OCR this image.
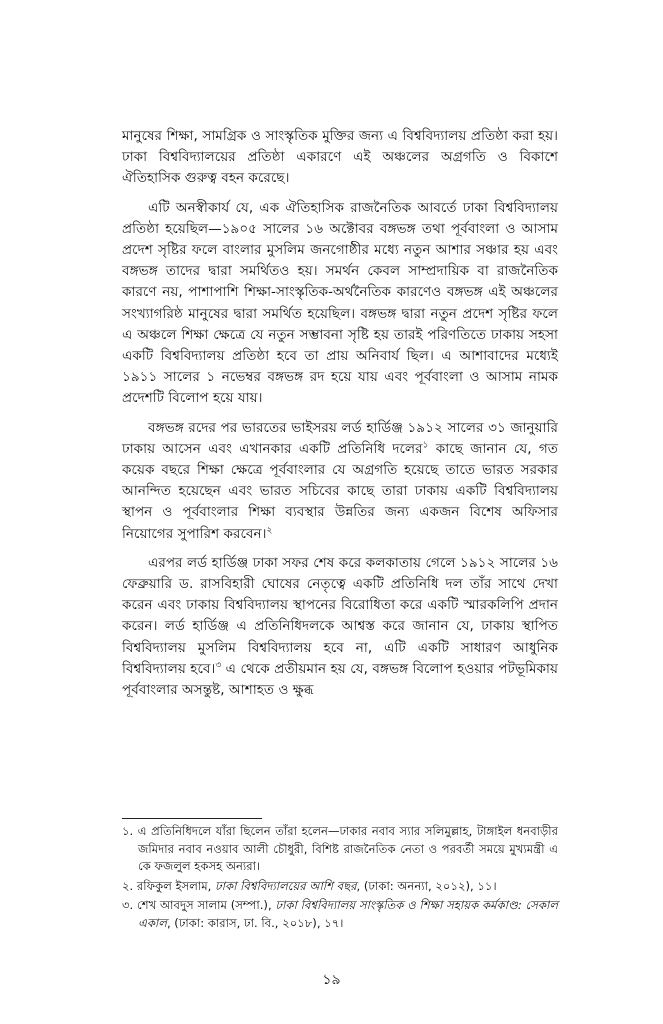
মানুষের শিক্ষা, সামগ্রিক ও সাংস্কৃতিক মুক্তির জন্য এ বিশ্ববিদ্যালয় প্রতিষ্ঠা করা হয়। ঢাকা বিশ্ববিদ্যালয়ের প্রতিষ্ঠা একারণে এই অঞ্চলের অগ্রগতি ও বিকাশে ঐতিহাসিক গুরুত্ব বহন করেছে।

এটি অনস্বীকার্য যে, এক ঐতিহাসিক রাজনৈতিক আবর্তে ঢাকা বিশ্ববিদ্যালয় প্রতিষ্ঠা হয়েছিল—১৯০৫ সালের ১৬ অক্টোবর বঙ্গভঙ্গ তথা পূর্ববাংলা ও আসাম প্রদেশ সৃষ্টির ফলে বাংলার মুসলিম জনগোষ্ঠীর মধ্যে নতুন আশার সঞ্চার হয় এবং বঙ্গভঙ্গ তাদের দ্বারা সমর্থিতও হয়। সমর্থন কেবল সাম্প্রদায়িক বা রাজনৈতিক কারণে নয়, পাশাপাশি শিক্ষা-সাংস্কৃতিক-অর্থনৈতিক কারণেও বঙ্গভঙ্গ এই অঞ্চলের সংখ্যাগরিষ্ঠ মানুষের দ্বারা সমর্থিত হয়েছিল। বঙ্গভঙ্গ দ্বারা নতুন প্রদেশ সৃষ্টির ফলে এ অঞ্চলে শিক্ষা ক্ষেত্রে যে নতুন সম্ভাবনা সৃষ্টি হয় তারই পরিণতিতে ঢাকায় সহসা একটি বিশ্ববিদ্যালয় প্রতিষ্ঠা হবে তা প্রায় অনিবার্য ছিল। এ আশাবাদের মধ্যেই ১৯১১ সালের ১ নভেম্বর বঙ্গভঙ্গ রদ হয়ে যায় এবং পূর্ববাংলা ও আসাম নামক প্রদেশটি বিলোপ হয়ে যায়।

বঙ্গভঙ্গ রদের পর ভারতের ভাইসরয় লর্ড হার্ডিঞ্জ ১৯১২ সালের ৩১ জানুয়ারি ঢাকায় আসেন এবং এখানকার একটি প্রতিনিধি দলের$^১$ কাছে জানান যে, গত কয়েক বছরে শিক্ষা ক্ষেত্রে পূর্ববাংলার যে অগ্রগতি হয়েছে তাতে ভারত সরকার আনন্দিত হয়েছেন এবং ভারত সচিবের কাছে তারা ঢাকায় একটি বিশ্ববিদ্যালয় স্থাপন ও পূর্ববাংলার শিক্ষা ব্যবস্থার উন্নতির জন্য একজন বিশেষ অফিসার নিয়োগের সুপারিশ করবেন।$^২$

এরপর লর্ড হার্ডিঞ্জ ঢাকা সফর শেষ করে কলকাতায় গেলে ১৯১২ সালের ১৬ ফেব্রুয়ারি ড. রাসবিহারী ঘোষের নেতৃত্বে একটি প্রতিনিধি দল তাঁর সাথে দেখা করেন এবং ঢাকায় বিশ্ববিদ্যালয় স্থাপনের বিরোধিতা করে একটি স্মারকলিপি প্রদান করেন। লর্ড হার্ডিঞ্জ এ প্রতিনিধিদলকে আশ্বস্ত করে জানান যে, ঢাকায় স্থাপিত বিশ্ববিদ্যালয় মুসলিম বিশ্ববিদ্যালয় হবে না, এটি একটি সাধারণ আধুনিক বিশ্ববিদ্যালয় হবে।$^৩$ এ থেকে প্রতীয়মান হয় যে, বঙ্গভঙ্গ বিলোপ হওয়ার পটভূমিকায় পূর্ববাংলার অসন্তুষ্ট, আশাহত ও ক্ষুব্ধ

১. এ প্রতিনিধিদলে যাঁরা ছিলেন তাঁরা হলেন—ঢাকার নবাব স্যার সলিমুল্লাহ, টাঙ্গাইল ধনবাড়ীর জমিদার নবাব নওয়াব আলী চৌধুরী, বিশিষ্ট রাজনৈতিক নেতা ও পরবর্তী সময়ে মুখ্যমন্ত্রী এ কে ফজলুল হকসহ অন্যরা।

২. রফিকুল ইসলাম, ঢাকা বিশ্ববিদ্যালয়ের আশি বছর, (ঢাকা: অনন্যা, ২০১২), ১১।

৩. শেখ আবদুস সালাম (সম্পা.), ঢাকা বিশ্ববিদ্যালয় সাংস্কৃতিক ও শিক্ষা সহায়ক কর্মকাণ্ড: সেকাল একাল, (ঢাকা: কারাস, ঢা. বি., ২০১৮), ১৭।

১৯
